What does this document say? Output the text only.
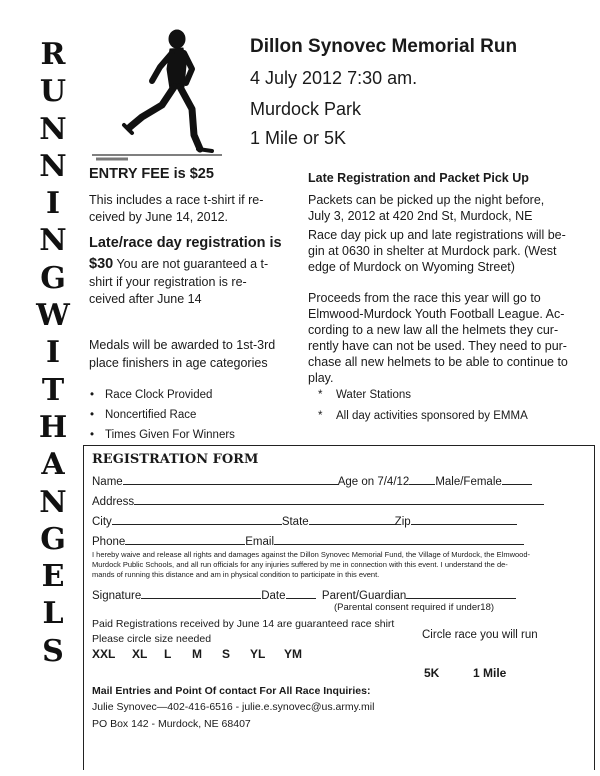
R
U
N
N
I
N
G
W
I
T
H
A
N
G
E
L
S
Dillon Synovec Memorial Run
4 July 2012 7:30 am.
Murdock Park
1 Mile or 5K
ENTRY FEE is $25
This includes a race t-shirt if re-
ceived by June 14, 2012.
Late/race day registration is
$30 You are not guaranteed a t-
shirt if your registration is re-
ceived after June 14
Medals will be awarded to 1st-3rd
place finishers in age categories
• Race Clock Provided
• Noncertified Race
• Times Given For Winners
Late Registration and Packet Pick Up
Packets can be picked up the night before,
July 3, 2012 at 420 2nd St, Murdock, NE
Race day pick up and late registrations will be-
gin at 0630 in shelter at Murdock park. (West
edge of Murdock on Wyoming Street)
Proceeds from the race this year will go to
Elmwood-Murdock Youth Football League. Ac-
cording to a new law all the helmets they cur-
rently have can not be used. They need to pur-
chase all new helmets to be able to continue to
play.
* Water Stations
* All day activities sponsored by EMMA
REGISTRATION FORM
Name	Age on 7/4/12 Male/Female
Address
City	State	Zip
Phone	Email
I hereby waive and release all rights and damages against the Dillon Synovec Memorial Fund, the Village of Murdock, the Elmwood-
Murdock Public Schools, and all run officials for any injuries suffered by me in connection with this event. I understand the de-
mands of running this distance and am in physical condition to participate in this event.
Signature	Date	Parent/Guardian
(Parental consent required if under18)
Paid Registrations received by June 14 are guaranteed race shirt
Please circle size needed	Circle race you will run
XXL XL L M S YL YM
5K	1 Mile
Mail Entries and Point Of contact For All Race Inquiries:
Julie Synovec—402-416-6516 - julie.e.synovec@us.army.mil
PO Box 142 - Murdock, NE 68407
